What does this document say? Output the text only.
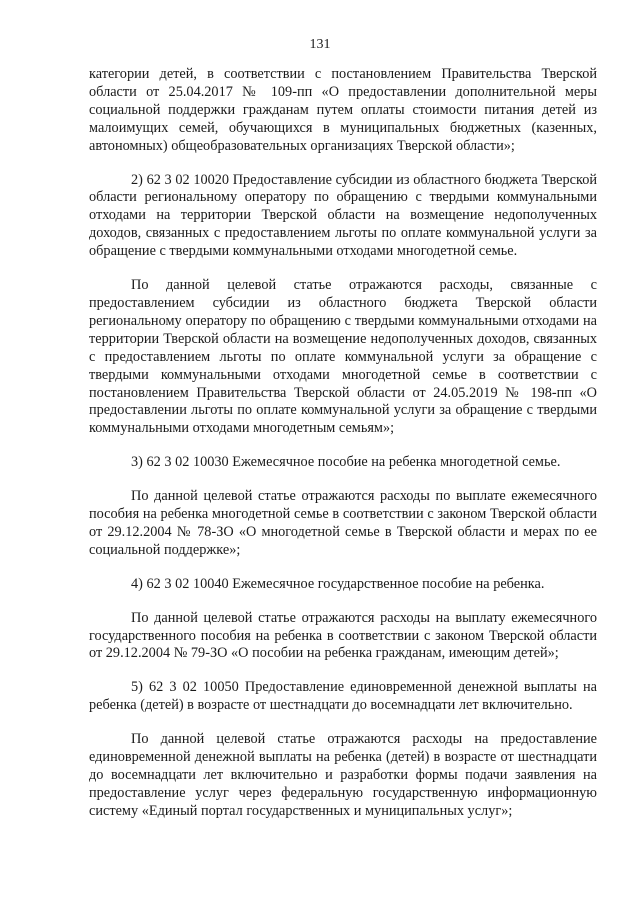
131

категории детей, в соответствии с постановлением Правительства Тверской области от 25.04.2017 № 109-пп «О предоставлении дополнительной меры социальной поддержки гражданам путем оплаты стоимости питания детей из малоимущих семей, обучающихся в муниципальных бюджетных (казенных, автономных) общеобразовательных организациях Тверской области»;

2) 62 3 02 10020 Предоставление субсидии из областного бюджета Тверской области региональному оператору по обращению с твердыми коммунальными отходами на территории Тверской области на возмещение недополученных доходов, связанных с предоставлением льготы по оплате коммунальной услуги за обращение с твердыми коммунальными отходами многодетной семье.

По данной целевой статье отражаются расходы, связанные с предоставлением субсидии из областного бюджета Тверской области региональному оператору по обращению с твердыми коммунальными отходами на территории Тверской области на возмещение недополученных доходов, связанных с предоставлением льготы по оплате коммунальной услуги за обращение с твердыми коммунальными отходами многодетной семье в соответствии с постановлением Правительства Тверской области от 24.05.2019 № 198-пп «О предоставлении льготы по оплате коммунальной услуги за обращение с твердыми коммунальными отходами многодетным семьям»;

3) 62 3 02 10030 Ежемесячное пособие на ребенка многодетной семье.

По данной целевой статье отражаются расходы по выплате ежемесячного пособия на ребенка многодетной семье в соответствии с законом Тверской области от 29.12.2004 № 78-ЗО «О многодетной семье в Тверской области и мерах по ее социальной поддержке»;

4) 62 3 02 10040 Ежемесячное государственное пособие на ребенка.

По данной целевой статье отражаются расходы на выплату ежемесячного государственного пособия на ребенка в соответствии с законом Тверской области от 29.12.2004 № 79-ЗО «О пособии на ребенка гражданам, имеющим детей»;

5) 62 3 02 10050 Предоставление единовременной денежной выплаты на ребенка (детей) в возрасте от шестнадцати до восемнадцати лет включительно.

По данной целевой статье отражаются расходы на предоставление единовременной денежной выплаты на ребенка (детей) в возрасте от шестнадцати до восемнадцати лет включительно и разработки формы подачи заявления на предоставление услуг через федеральную государственную информационную систему «Единый портал государственных и муниципальных услуг»;
